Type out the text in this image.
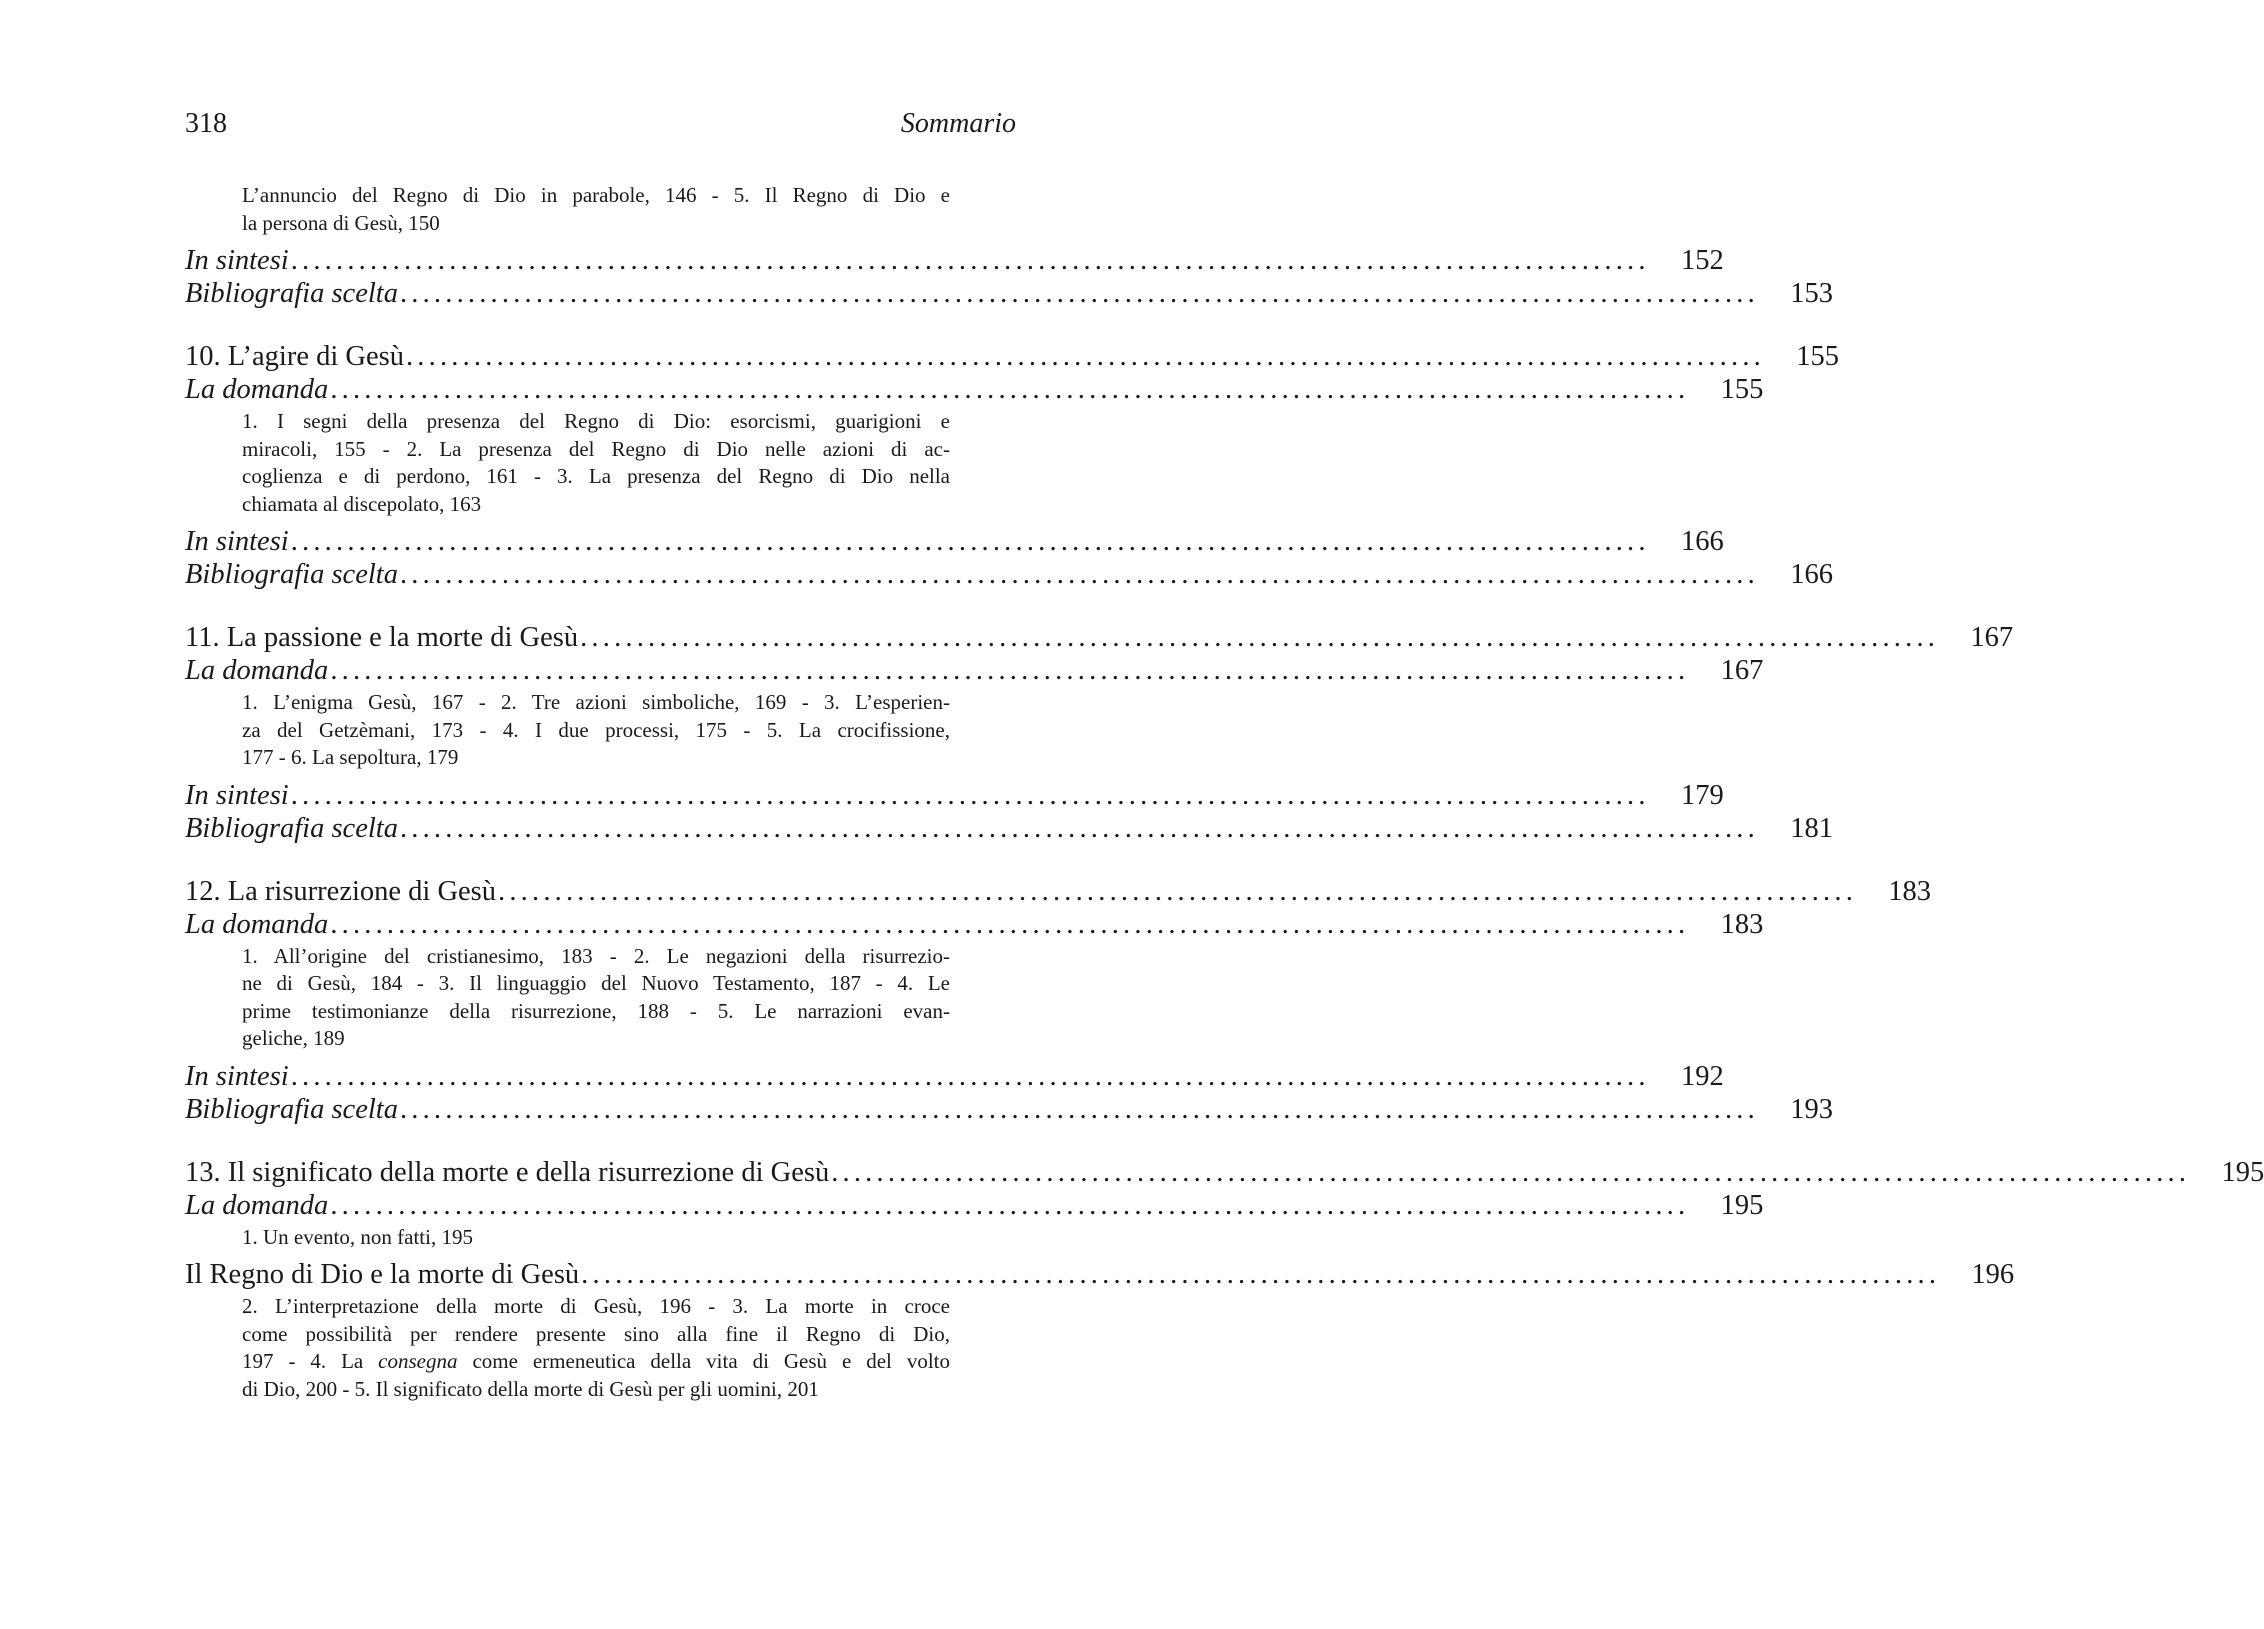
318	Sommario
L’annuncio del Regno di Dio in parabole, 146 - 5. Il Regno di Dio e
la persona di Gesù, 150
In sintesi ........................................................................................................................	152
Bibliografia scelta ........................................................................................................................	153
10. L’agire di Gesù ........................................................................................................................	155
La domanda ........................................................................................................................	155
1. I segni della presenza del Regno di Dio: esorcismi, guarigioni e
miracoli, 155 - 2. La presenza del Regno di Dio nelle azioni di ac-
coglienza e di perdono, 161 - 3. La presenza del Regno di Dio nella
chiamata al discepolato, 163
In sintesi ........................................................................................................................	166
Bibliografia scelta ........................................................................................................................	166
11. La passione e la morte di Gesù ........................................................................................................................	167
La domanda ........................................................................................................................	167
1. L’enigma Gesù, 167 - 2. Tre azioni simboliche, 169 - 3. L’esperien-
za del Getzèmani, 173 - 4. I due processi, 175 - 5. La crocifissione,
177 - 6. La sepoltura, 179
In sintesi ........................................................................................................................	179
Bibliografia scelta ........................................................................................................................	181
12. La risurrezione di Gesù ........................................................................................................................	183
La domanda ........................................................................................................................	183
1. All’origine del cristianesimo, 183 - 2. Le negazioni della risurrezio-
ne di Gesù, 184 - 3. Il linguaggio del Nuovo Testamento, 187 - 4. Le
prime testimonianze della risurrezione, 188 - 5. Le narrazioni evan-
geliche, 189
In sintesi ........................................................................................................................	192
Bibliografia scelta ........................................................................................................................	193
13. Il significato della morte e della risurrezione di Gesù ........................................................................................................................	195
La domanda ........................................................................................................................	195
1. Un evento, non fatti, 195
Il Regno di Dio e la morte di Gesù ........................................................................................................................	196
2. L’interpretazione della morte di Gesù, 196 - 3. La morte in croce
come possibilità per rendere presente sino alla fine il Regno di Dio,
197 - 4. La consegna come ermeneutica della vita di Gesù e del volto
di Dio, 200 - 5. Il significato della morte di Gesù per gli uomini, 201
